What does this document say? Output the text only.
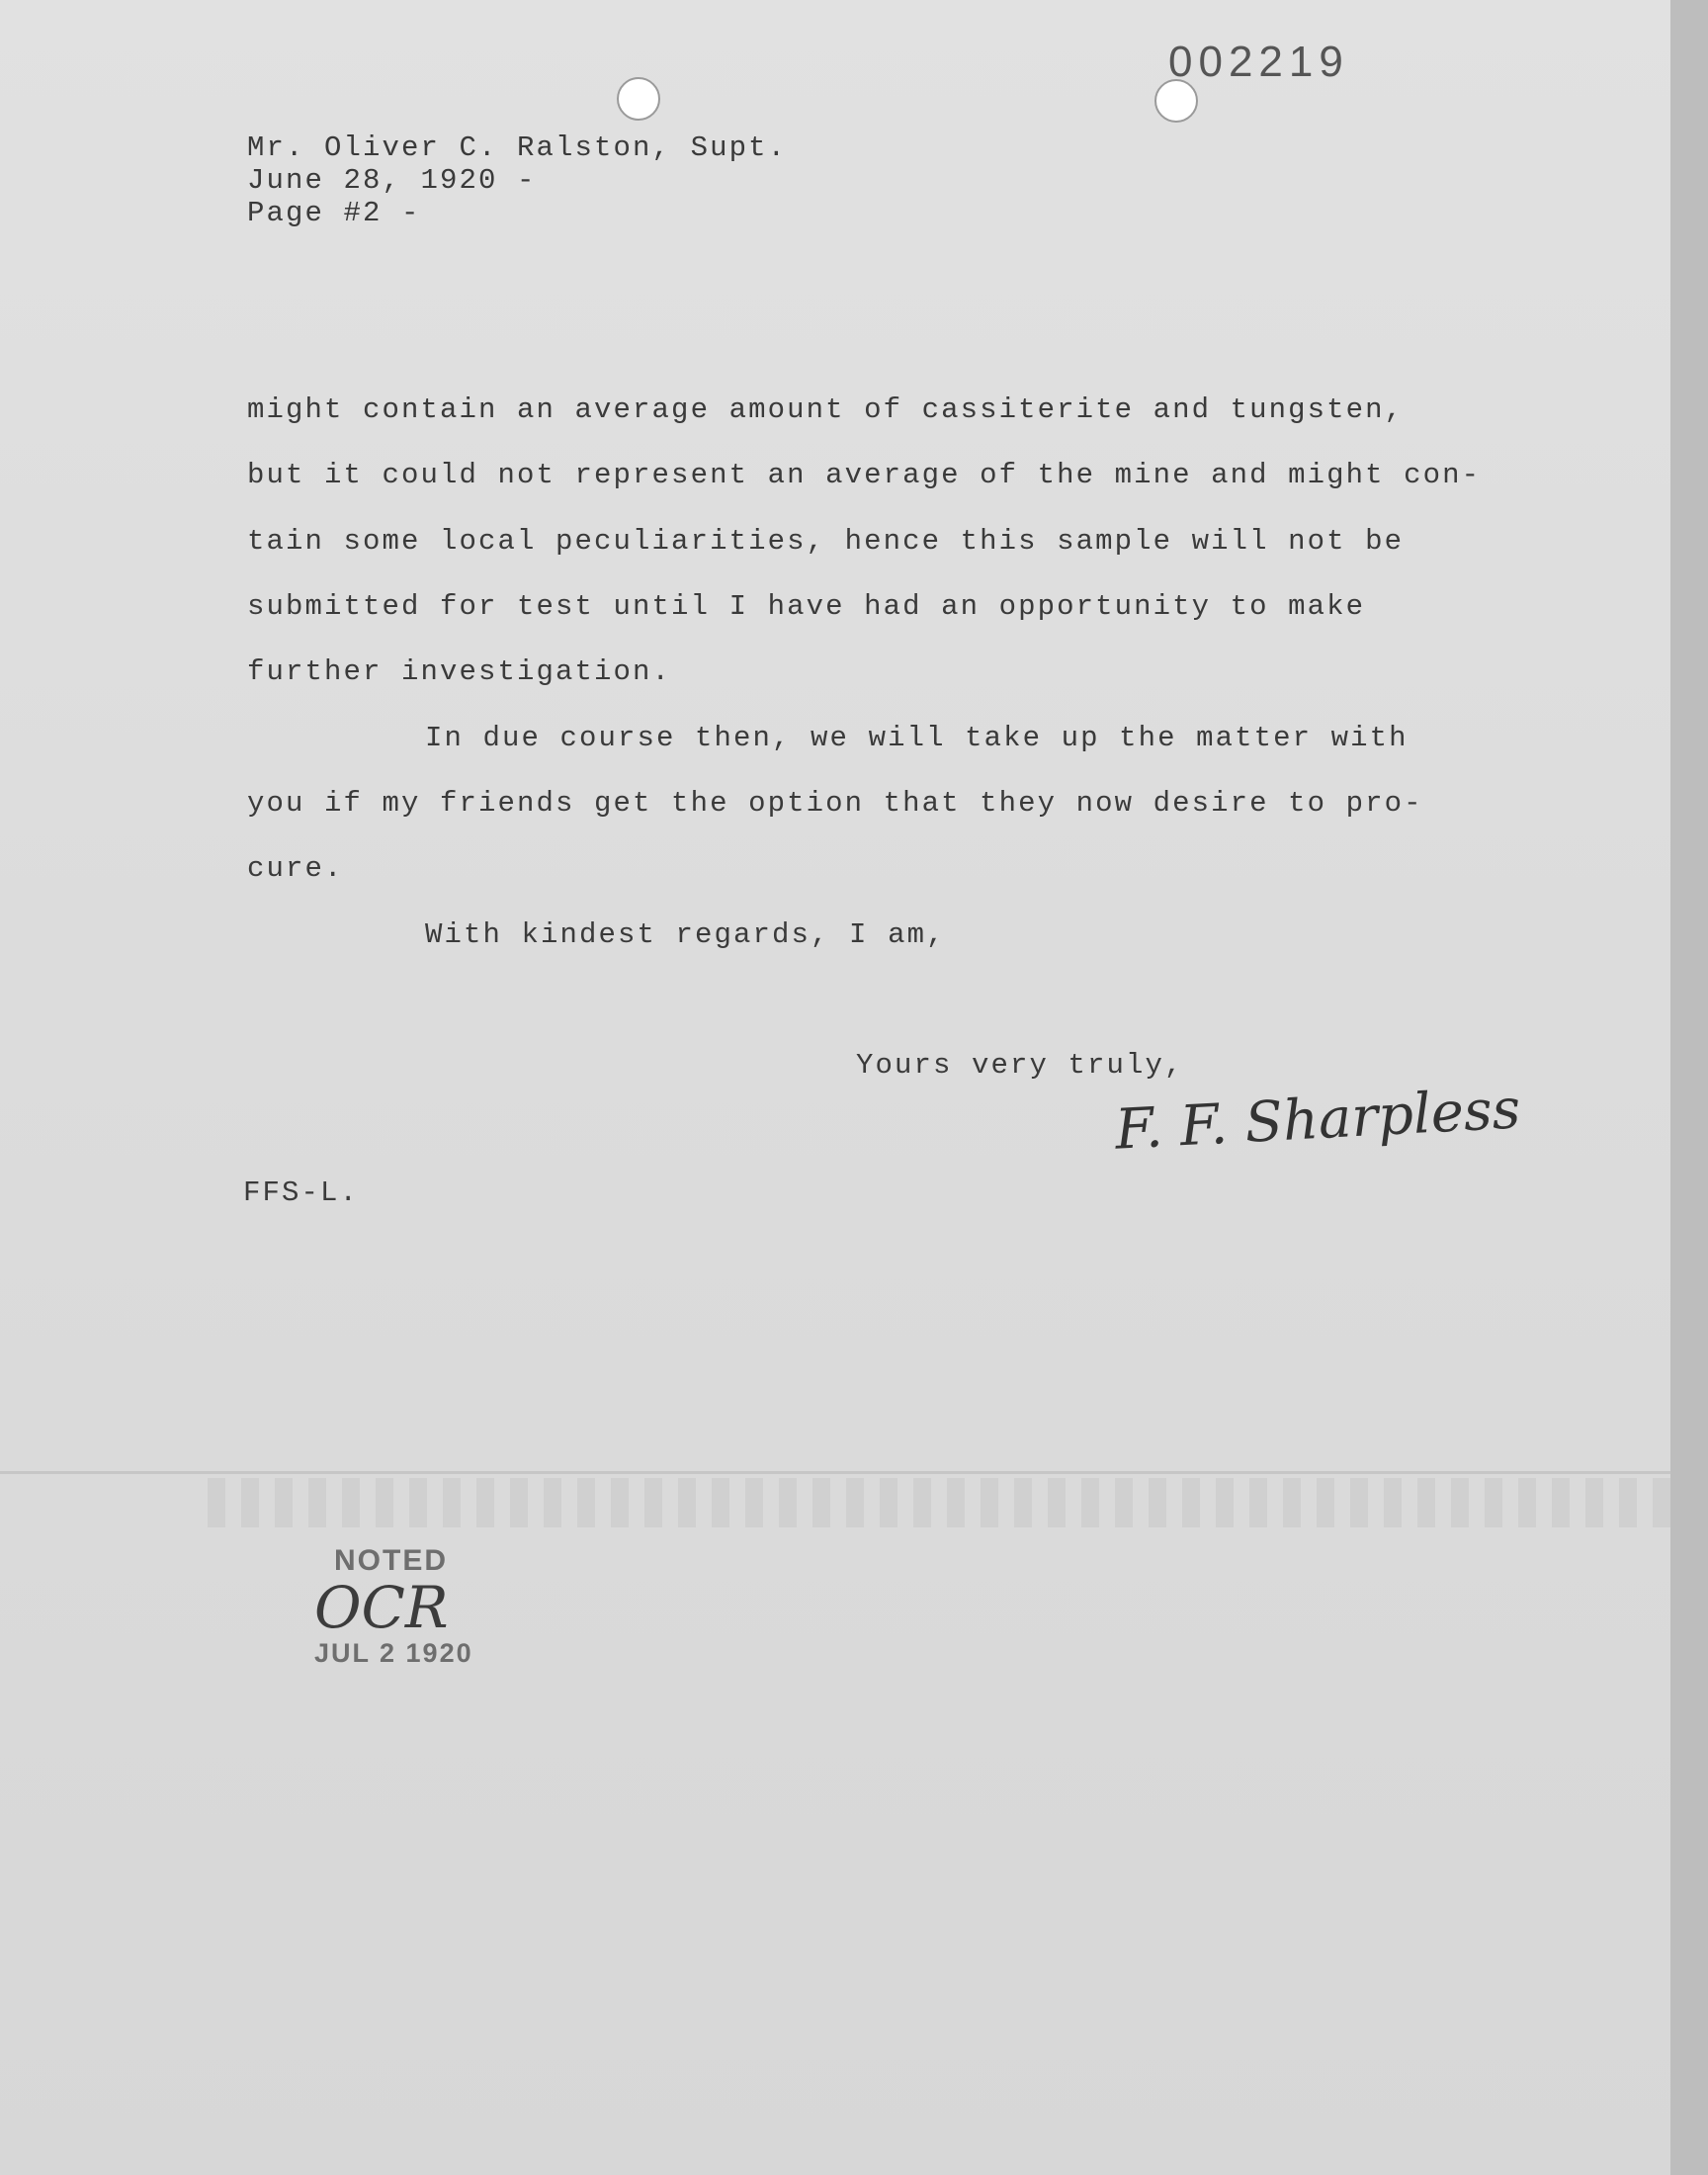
002219
Mr. Oliver C. Ralston, Supt.
June 28, 1920 -
Page #2 -
might contain an average amount of cassiterite and tungsten,
but it could not represent an average of the mine and might con-
tain some local peculiarities, hence this sample will not be
submitted for test until I have had an opportunity to make
further investigation.
In due course then, we will take up the matter with
you if my friends get the option that they now desire to pro-
cure.
With kindest regards, I am,
Yours very truly,
F. F. Sharpless
FFS-L.
NOTED
OCR
JUL 2 1920
